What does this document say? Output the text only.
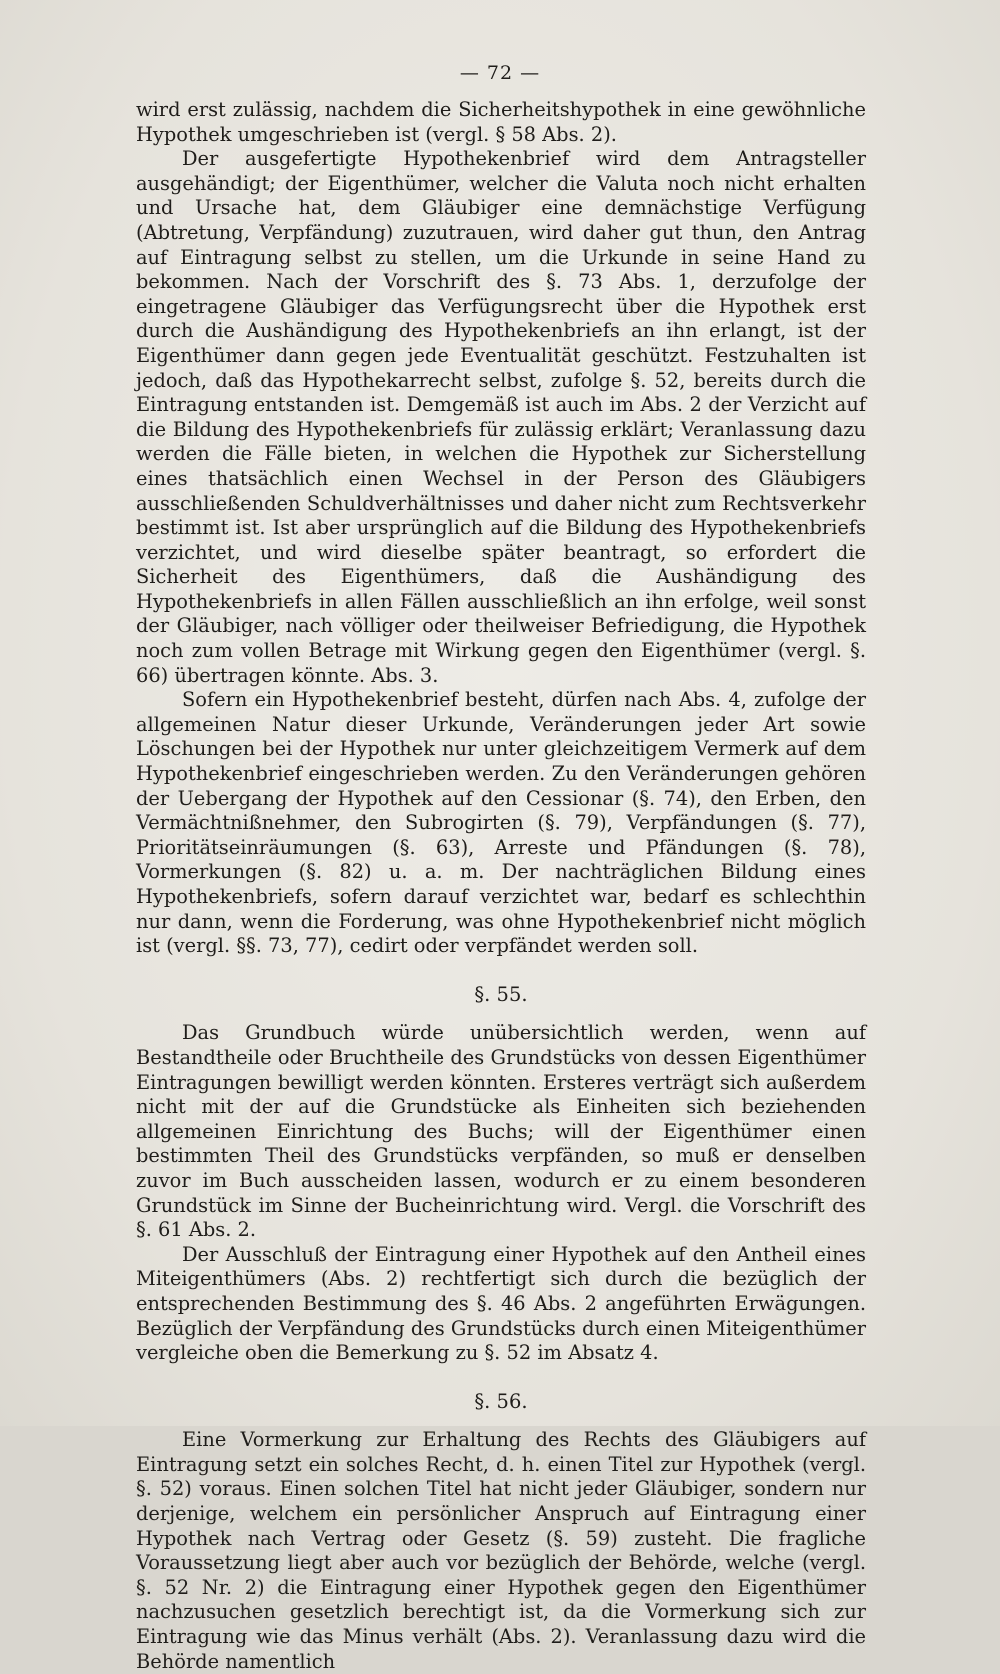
— 72 —

wird erst zulässig, nachdem die Sicherheitshypothek in eine gewöhnliche Hypothek umgeschrieben ist (vergl. § 58 Abs. 2).

Der ausgefertigte Hypothekenbrief wird dem Antragsteller ausgehändigt; der Eigenthümer, welcher die Valuta noch nicht erhalten und Ursache hat, dem Gläubiger eine demnächstige Verfügung (Abtretung, Verpfändung) zuzutrauen, wird daher gut thun, den Antrag auf Eintragung selbst zu stellen, um die Urkunde in seine Hand zu bekommen. Nach der Vorschrift des §. 73 Abs. 1, derzufolge der eingetragene Gläubiger das Verfügungsrecht über die Hypothek erst durch die Aushändigung des Hypothekenbriefs an ihn erlangt, ist der Eigenthümer dann gegen jede Eventualität geschützt. Festzuhalten ist jedoch, daß das Hypothekarrecht selbst, zufolge §. 52, bereits durch die Eintragung entstanden ist. Demgemäß ist auch im Abs. 2 der Verzicht auf die Bildung des Hypothekenbriefs für zulässig erklärt; Veranlassung dazu werden die Fälle bieten, in welchen die Hypothek zur Sicherstellung eines thatsächlich einen Wechsel in der Person des Gläubigers ausschließenden Schuldverhältnisses und daher nicht zum Rechtsverkehr bestimmt ist. Ist aber ursprünglich auf die Bildung des Hypothekenbriefs verzichtet, und wird dieselbe später beantragt, so erfordert die Sicherheit des Eigenthümers, daß die Aushändigung des Hypothekenbriefs in allen Fällen ausschließlich an ihn erfolge, weil sonst der Gläubiger, nach völliger oder theilweiser Befriedigung, die Hypothek noch zum vollen Betrage mit Wirkung gegen den Eigenthümer (vergl. §. 66) übertragen könnte. Abs. 3.

Sofern ein Hypothekenbrief besteht, dürfen nach Abs. 4, zufolge der allgemeinen Natur dieser Urkunde, Veränderungen jeder Art sowie Löschungen bei der Hypothek nur unter gleichzeitigem Vermerk auf dem Hypothekenbrief eingeschrieben werden. Zu den Veränderungen gehören der Uebergang der Hypothek auf den Cessionar (§. 74), den Erben, den Vermächtnißnehmer, den Subrogirten (§. 79), Verpfändungen (§. 77), Prioritätseinräumungen (§. 63), Arreste und Pfändungen (§. 78), Vormerkungen (§. 82) u. a. m. Der nachträglichen Bildung eines Hypothekenbriefs, sofern darauf verzichtet war, bedarf es schlechthin nur dann, wenn die Forderung, was ohne Hypothekenbrief nicht möglich ist (vergl. §§. 73, 77), cedirt oder verpfändet werden soll.

§. 55.

Das Grundbuch würde unübersichtlich werden, wenn auf Bestandtheile oder Bruchtheile des Grundstücks von dessen Eigenthümer Eintragungen bewilligt werden könnten. Ersteres verträgt sich außerdem nicht mit der auf die Grundstücke als Einheiten sich beziehenden allgemeinen Einrichtung des Buchs; will der Eigenthümer einen bestimmten Theil des Grundstücks verpfänden, so muß er denselben zuvor im Buch ausscheiden lassen, wodurch er zu einem besonderen Grundstück im Sinne der Bucheinrichtung wird. Vergl. die Vorschrift des §. 61 Abs. 2.

Der Ausschluß der Eintragung einer Hypothek auf den Antheil eines Miteigenthümers (Abs. 2) rechtfertigt sich durch die bezüglich der entsprechenden Bestimmung des §. 46 Abs. 2 angeführten Erwägungen. Bezüglich der Verpfändung des Grundstücks durch einen Miteigenthümer vergleiche oben die Bemerkung zu §. 52 im Absatz 4.

§. 56.

Eine Vormerkung zur Erhaltung des Rechts des Gläubigers auf Eintragung setzt ein solches Recht, d. h. einen Titel zur Hypothek (vergl. §. 52) voraus. Einen solchen Titel hat nicht jeder Gläubiger, sondern nur derjenige, welchem ein persönlicher Anspruch auf Eintragung einer Hypothek nach Vertrag oder Gesetz (§. 59) zusteht. Die fragliche Voraussetzung liegt aber auch vor bezüglich der Behörde, welche (vergl. §. 52 Nr. 2) die Eintragung einer Hypothek gegen den Eigenthümer nachzusuchen gesetzlich berechtigt ist, da die Vormerkung sich zur Eintragung wie das Minus verhält (Abs. 2). Veranlassung dazu wird die Behörde namentlich
